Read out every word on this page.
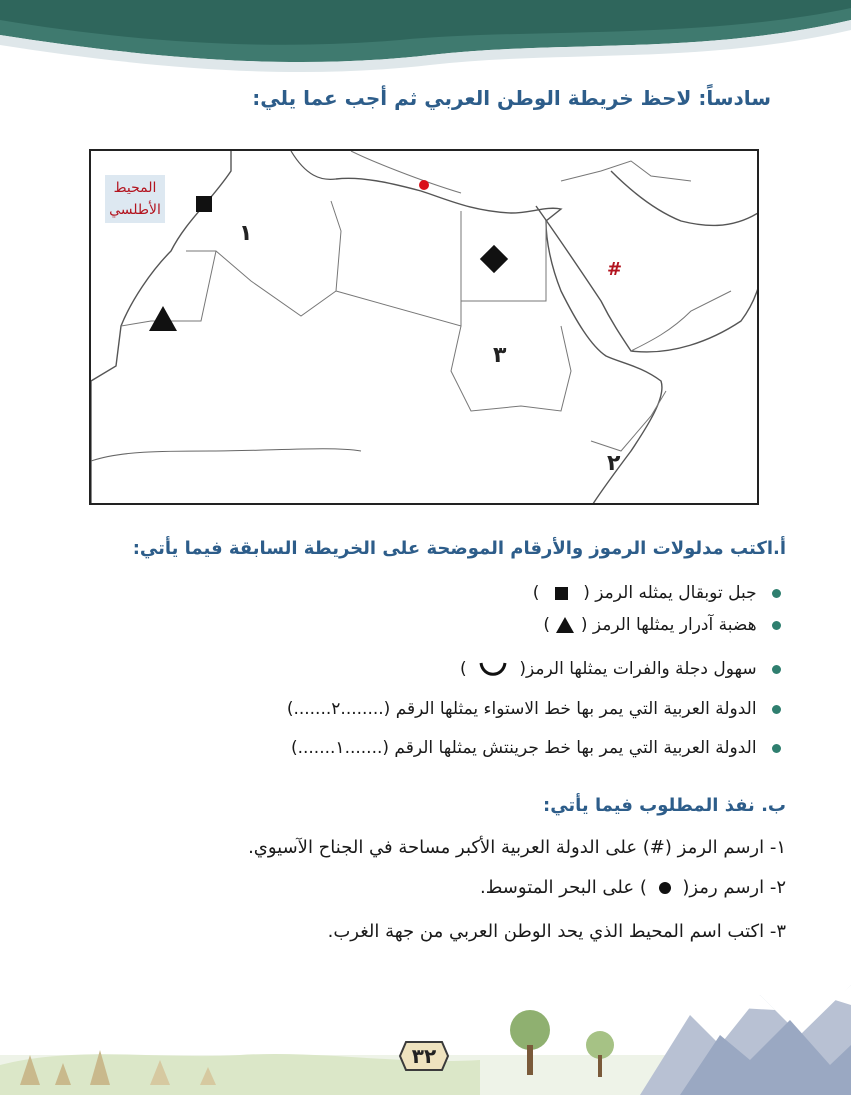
سادساً: لاحظ خريطة الوطن العربي ثم أجب عما يلي:
المحيط
الأطلسي
١
٣
٢
#
أ.اكتب مدلولات الرموز والأرقام الموضحة على الخريطة السابقة فيما يأتي:
جبل توبقال يمثله الرمز (  )
هضبة آدرار يمثلها الرمز (  )
سهول دجلة والفرات يمثلها الرمز(  )
الدولة العربية التي يمر بها خط الاستواء يمثلها الرقم (........٢.......)
الدولة العربية التي يمر بها خط جرينتش يمثلها الرقم (.......١.......)
ب. نفذ المطلوب فيما يأتي:
١- ارسم الرمز (#) على الدولة العربية الأكبر مساحة في الجناح الآسيوي.
٢- ارسم رمز(  ) على البحر المتوسط.
٣- اكتب اسم المحيط الذي يحد الوطن العربي من جهة الغرب.
٣٢
